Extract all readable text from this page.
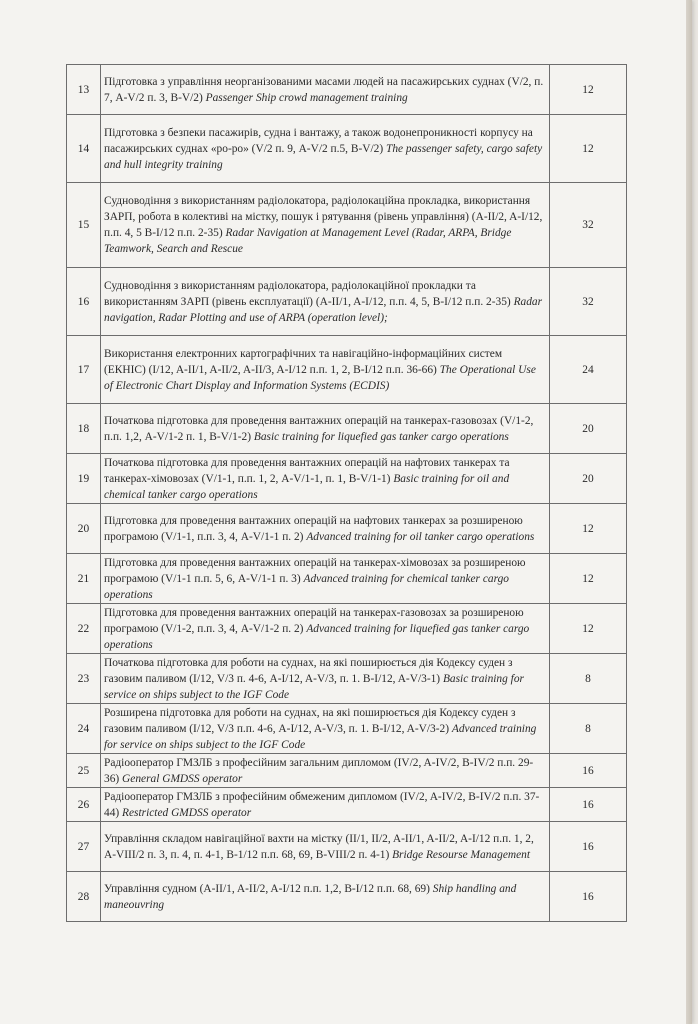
13	Підготовка з управління неорганізованими масами людей на пасажирських суднах (V/2, п. 7, A-V/2 п. 3, B-V/2) Passenger Ship crowd management training	12
14	Підготовка з безпеки пасажирів, судна і вантажу, а також водонепроникності корпусу на пасажирських суднах «ро-ро» (V/2 п. 9, A-V/2 п.5, B-V/2) The passenger safety, cargo safety and hull integrity training	12
15	Судноводіння з використанням радіолокатора, радіолокаційна прокладка, використання ЗАРП, робота в колективі на містку, пошук і рятування (рівень управління) (A-II/2, A-I/12, п.п. 4, 5 B-I/12 п.п. 2-35) Radar Navigation at Management Level (Radar, ARPA, Bridge Teamwork, Search and Rescue	32
16	Судноводіння з використанням радіолокатора, радіолокаційної прокладки та використанням ЗАРП (рівень експлуатації) (A-II/1, A-I/12, п.п. 4, 5, B-I/12 п.п. 2-35) Radar navigation, Radar Plotting and use of ARPA (operation level);	32
17	Використання електронних картографічних та навігаційно-інформаційних систем (ЕКНІС) (I/12, A-II/1, A-II/2, A-II/3, A-I/12 п.п. 1, 2, B-I/12 п.п. 36-66) The Operational Use of Electronic Chart Display and Information Systems (ECDIS)	24
18	Початкова підготовка для проведення вантажних операцій на танкерах-газовозах (V/1-2, п.п. 1,2, A-V/1-2 п. 1, B-V/1-2) Basic training for liquefied gas tanker cargo operations	20
19	Початкова підготовка для проведення вантажних операцій на нафтових танкерах та танкерах-хімовозах (V/1-1, п.п. 1, 2, A-V/1-1, п. 1, B-V/1-1) Basic training for oil and chemical tanker cargo operations	20
20	Підготовка для проведення вантажних операцій на нафтових танкерах за розширеною програмою (V/1-1, п.п. 3, 4, A-V/1-1 п. 2) Advanced training for oil tanker cargo operations	12
21	Підготовка для проведення вантажних операцій на танкерах-хімовозах за розширеною програмою (V/1-1 п.п. 5, 6, A-V/1-1 п. 3) Advanced training for chemical tanker cargo operations	12
22	Підготовка для проведення вантажних операцій на танкерах-газовозах за розширеною програмою (V/1-2, п.п. 3, 4, A-V/1-2 п. 2) Advanced training for liquefied gas tanker cargo operations	12
23	Початкова підготовка для роботи на суднах, на які поширюється дія Кодексу суден з газовим паливом (I/12, V/3 п. 4-6, A-I/12, A-V/3, п. 1. B-I/12, A-V/3-1) Basic training for service on ships subject to the IGF Code	8
24	Розширена підготовка для роботи на суднах, на які поширюється дія Кодексу суден з газовим паливом (I/12, V/3 п.п. 4-6, A-I/12, A-V/3, п. 1. B-I/12, A-V/3-2) Advanced training for service on ships subject to the IGF Code	8
25	Радіооператор ГМЗЛБ з професійним загальним дипломом (IV/2, A-IV/2, B-IV/2 п.п. 29-36) General GMDSS operator	16
26	Радіооператор ГМЗЛБ з професійним обмеженим дипломом (IV/2, A-IV/2, B-IV/2 п.п. 37-44) Restricted GMDSS operator	16
27	Управління складом навігаційної вахти на містку (II/1, II/2, A-II/1, A-II/2, A-I/12 п.п. 1, 2, A-VIII/2 п. 3, п. 4, п. 4-1, B-1/12 п.п. 68, 69, B-VIII/2 п. 4-1) Bridge Resourse Management	16
28	Управління судном (A-II/1, A-II/2, A-I/12 п.п. 1,2, B-I/12 п.п. 68, 69) Ship handling and maneouvring	16
